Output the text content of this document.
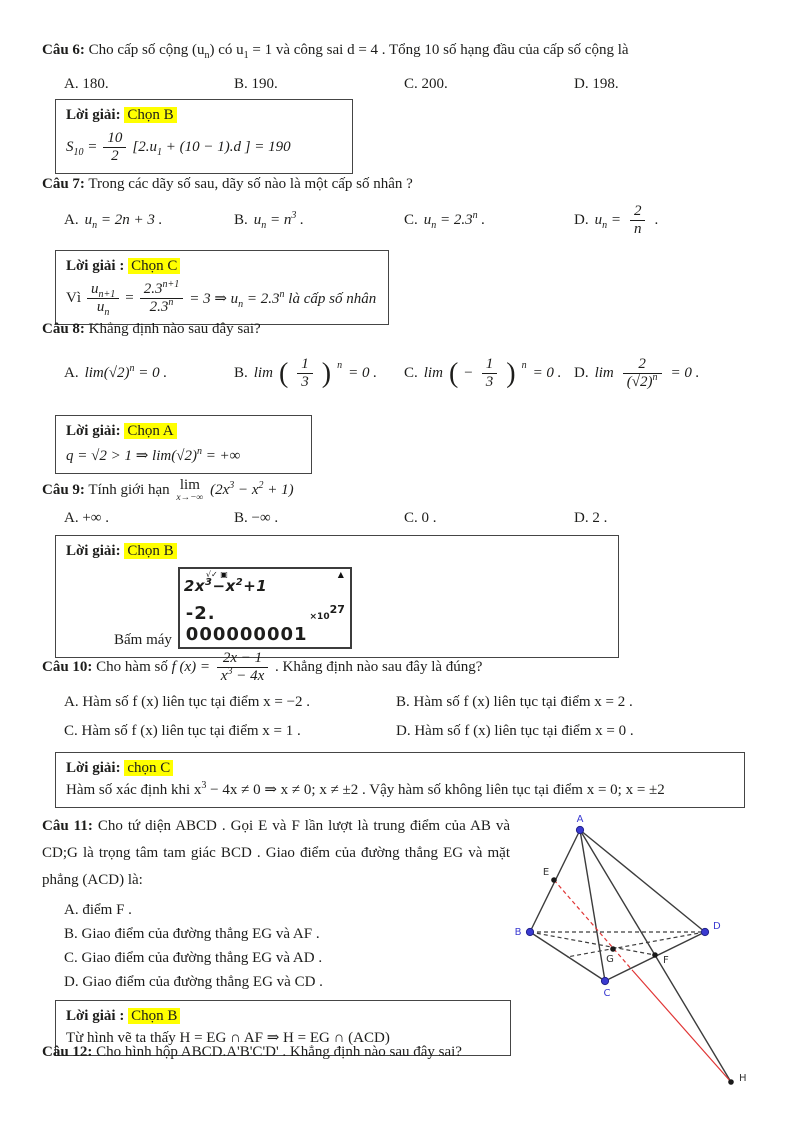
Câu 6: Cho cấp số cộng $(u_n)$ có $u_1 = 1$ và công sai d = 4 . Tổng 10 số hạng đầu của cấp số cộng là
A. 180.	B. 190.	C. 200.	D. 198.
Lời giải: Chọn B
$S_{10} = \frac{10}{2} [2.u_1 + (10 - 1).d$ ] = 190
Câu 7: Trong các dãy số sau, dãy số nào là một cấp số nhân ?
A. $u_n = 2n + 3$ .	B. $u_n = n^3$ .	C. $u_n = 2.3^n$ .	D. $u_n = \frac{2}{n}$ .
Lời giải : Chọn C
Vì $\frac{u_{n+1}}{u_n} = \frac{2.3^{n+1}}{2.3^n} = 3$ ⇒ $u_n = 2.3^n$ là cấp số nhân
Câu 8: Khẳng định nào sau đây sai?
A. $\lim(√2)^n = 0$ .	B. lim ( $\frac{1}{3}$ ) n = 0 . C. lim ( − $\frac{1}{3}$ ) n = 0 . D. $\lim \frac{2}{(√2)^n} = 0$ .
Lời giải: Chọn A
q = √2 > 1 ⇒ $\lim(√2)^n$ = +∞
Câu 9: Tính giới hạn lim
x→−∞ $(2x^3 - x^2 + 1)$
A. +∞ .	B. −∞ .	C. 0 .	D. 2 .
Lời giải: Chọn B
Bấm máy
√✓ ▣	▲
$2x^3-x^2+1$
-2. 000000001
×10
27
Câu 10: Cho hàm số f $(x) = \frac{2x - 1}{x^3 - 4x}$ . Khẳng định nào sau đây là đúng?
A. Hàm số f (x) liên tục tại điểm x = −2 .	B. Hàm số f (x) liên tục tại điểm x = 2 .
C. Hàm số f (x) liên tục tại điểm x = 1 .	D. Hàm số f (x) liên tục tại điểm x = 0 .
Lời giải: chọn C
Hàm số xác định khi $x^3 - 4x \ne 0$ ⇒ x ≠ 0; x ≠ ±2 . Vậy hàm số không liên tục tại điểm x = 0; x = ±2
Câu 11: Cho tứ diện ABCD . Gọi E và F lần lượt là trung điểm của AB và CD;G là trọng tâm tam giác BCD . Giao điểm của đường thẳng EG và mặt phẳng (ACD) là:
A. điểm F .
B. Giao điểm của đường thẳng EG và AF .
C. Giao điểm của đường thẳng EG và AD .
D. Giao điểm của đường thẳng EG và CD .
Lời giải : Chọn B
Từ hình vẽ ta thấy H = EG ∩ AF ⇒ H = EG ∩ (ACD)
Câu 12: Cho hình hộp ABCD.A'B'C'D' . Khẳng định nào sau đây sai?
A
B
C
D
E
F
G
H
